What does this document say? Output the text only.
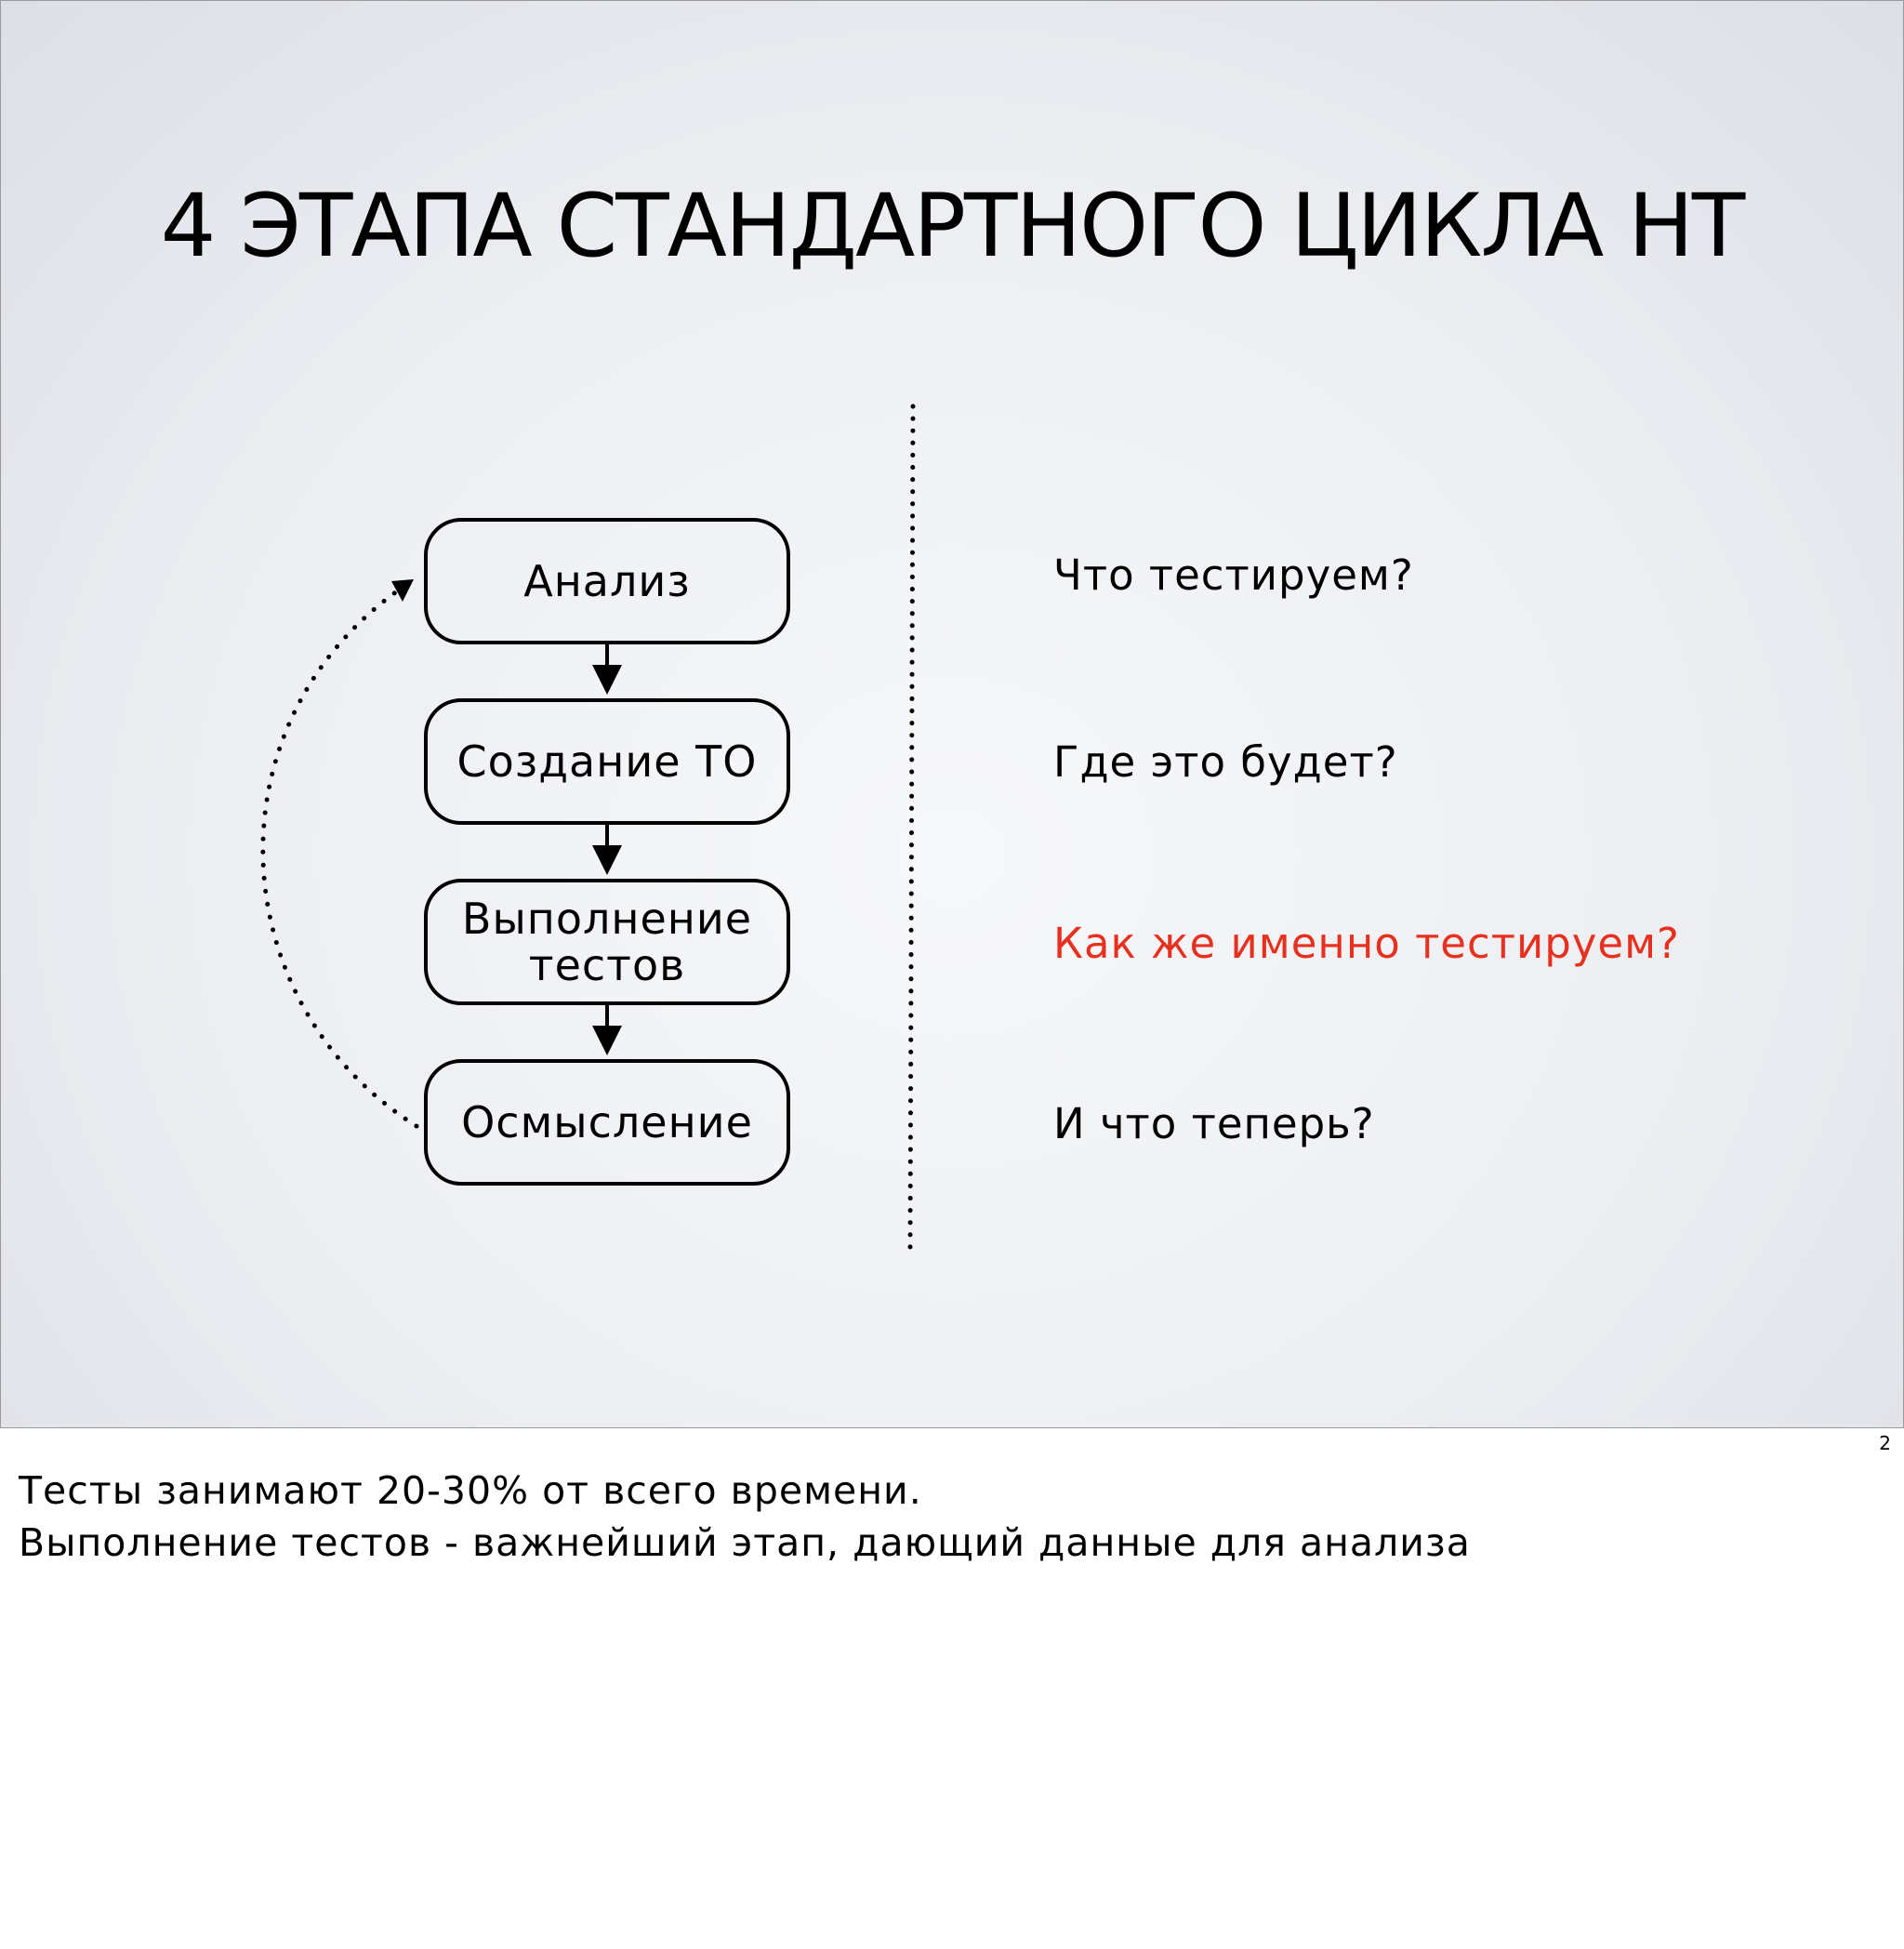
4 ЭТАПА СТАНДАРТНОГО ЦИКЛА НТ
Анализ
Создание ТО
Выполнение
тестов
Осмысление
Что тестируем?
Где это будет?
Как же именно тестируем?
И что теперь?
2
Тесты занимают 20-30% от всего времени.
Выполнение тестов - важнейший этап, дающий данные для анализа
